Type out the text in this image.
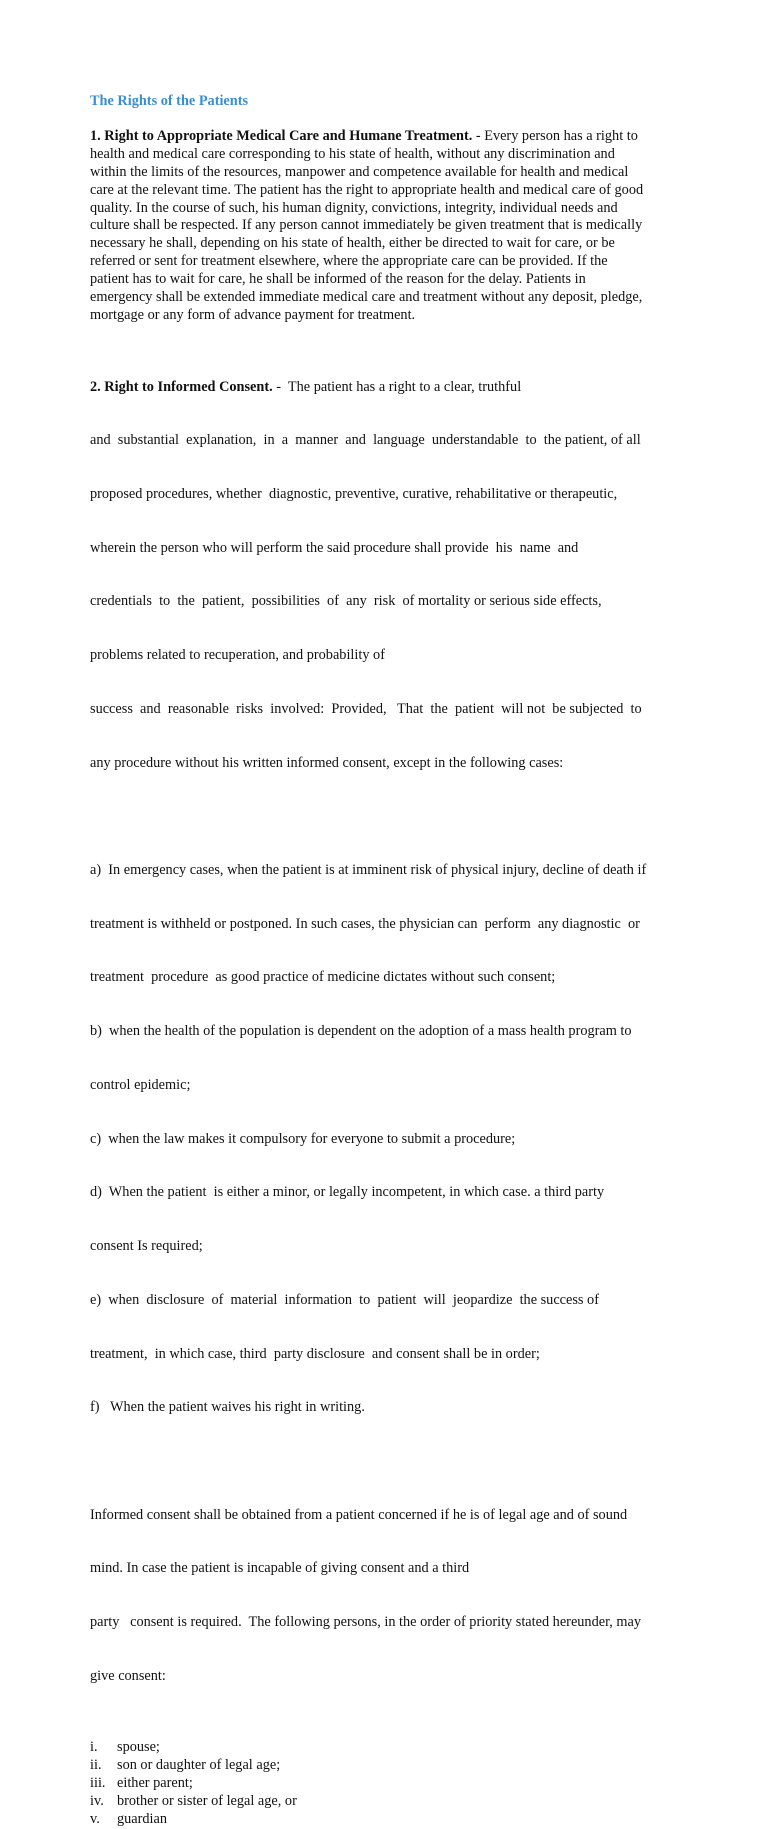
The Rights of the Patients
1. Right to Appropriate Medical Care and Humane Treatment. - Every person has a right to
health and medical care corresponding to his state of health, without any discrimination and
within the limits of the resources, manpower and competence available for health and medical
care at the relevant time. The patient has the right to appropriate health and medical care of good
quality. In the course of such, his human dignity, convictions, integrity, individual needs and
culture shall be respected. If any person cannot immediately be given treatment that is medically
necessary he shall, depending on his state of health, either be directed to wait for care, or be
referred or sent for treatment elsewhere, where the appropriate care can be provided. If the
patient has to wait for care, he shall be informed of the reason for the delay. Patients in
emergency shall be extended immediate medical care and treatment without any deposit, pledge,
mortgage or any form of advance payment for treatment.

2. Right to Informed Consent. -  The patient has a right to a clear, truthful

and  substantial  explanation,  in  a  manner  and  language  understandable  to  the patient, of all

proposed procedures, whether  diagnostic, preventive, curative, rehabilitative or therapeutic,

wherein the person who will perform the said procedure shall provide  his  name  and

credentials  to  the  patient,  possibilities  of  any  risk  of mortality or serious side effects,

problems related to recuperation, and probability of

success  and  reasonable  risks  involved:  Provided,   That  the  patient  will not  be subjected  to

any procedure without his written informed consent, except in the following cases:

a)  In emergency cases, when the patient is at imminent risk of physical injury, decline of death if

treatment is withheld or postponed. In such cases, the physician can  perform  any diagnostic  or

treatment  procedure  as good practice of medicine dictates without such consent;

b)  when the health of the population is dependent on the adoption of a mass health program to

control epidemic;

c)  when the law makes it compulsory for everyone to submit a procedure;

d)  When the patient  is either a minor, or legally incompetent, in which case. a third party

consent Is required;

e)  when  disclosure  of  material  information  to  patient  will  jeopardize  the success of

treatment,  in which case, third  party disclosure  and consent shall be in order;

f)   When the patient waives his right in writing.

Informed consent shall be obtained from a patient concerned if he is of legal age and of sound

mind. In case the patient is incapable of giving consent and a third

party   consent is required.  The following persons, in the order of priority stated hereunder, may

give consent:

i.	spouse;
ii.	son or daughter of legal age;
iii. either parent;
iv. brother or sister of legal age, or
v.	guardian
